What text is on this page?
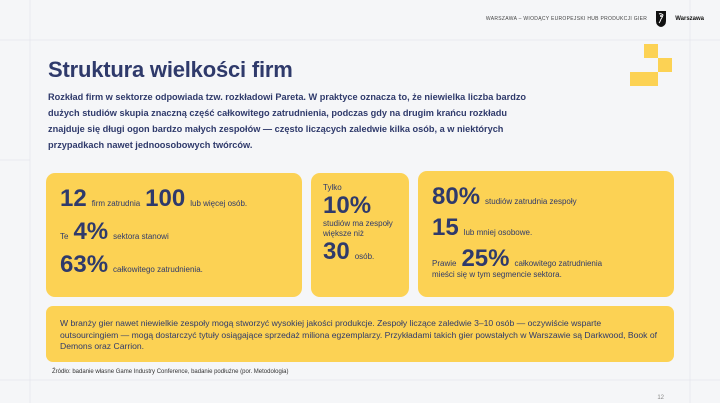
WARSZAWA – WIODĄCY EUROPEJSKI HUB PRODUKCJI GIER	Warszawa
Struktura wielkości firm

Rozkład firm w sektorze odpowiada tzw. rozkładowi Pareta. W praktyce oznacza to, że niewielka liczba bardzo dużych studiów skupia znaczną część całkowitego zatrudnienia, podczas gdy na drugim krańcu rozkładu znajduje się długi ogon bardzo małych zespołów — często liczących zaledwie kilka osób, a w niektórych przypadkach nawet jednoosobowych twórców.

12 firm zatrudnia 100 lub więcej osób.
Te 4% sektora stanowi
63% całkowitego zatrudnienia.
Tylko
10%
studiów ma zespoły większe niż
30 osób.
80% studiów zatrudnia zespoły
15 lub mniej osobowe.
Prawie 25% całkowitego zatrudnienia
mieści się w tym segmencie sektora.
W branży gier nawet niewielkie zespoły mogą stworzyć wysokiej jakości produkcje. Zespoły liczące zaledwie 3–10 osób — oczywiście wsparte outsourcingiem — mogą dostarczyć tytuły osiągające sprzedaż miliona egzemplarzy. Przykładami takich gier powstałych w Warszawie są Darkwood, Book of Demons oraz Carrion.
Źródło: badanie własne Game Industry Conference, badanie podłużne (por. Metodologia)
12
